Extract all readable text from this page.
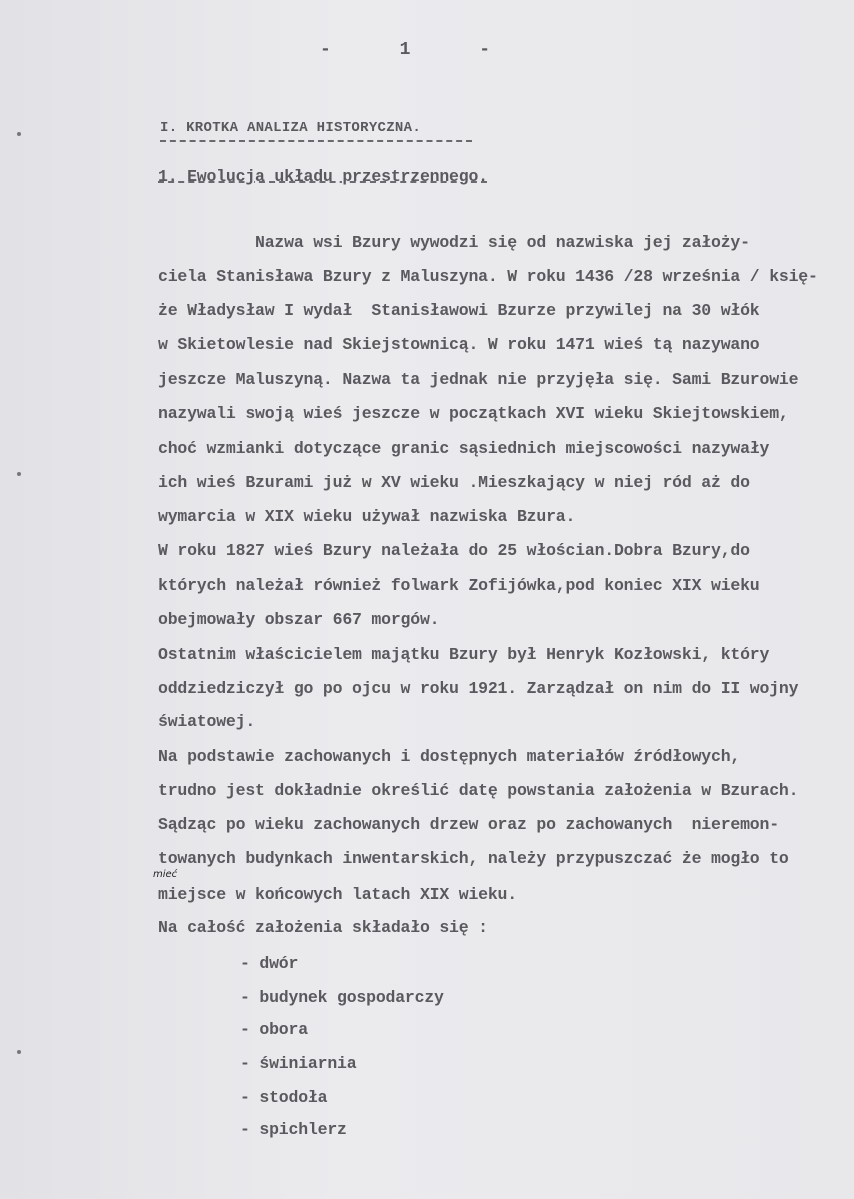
-	1	-
I. KROTKA ANALIZA HISTORYCZNA.
1. Ewolucja układu przestrzennego.
Nazwa wsi Bzury wywodzi się od nazwiska jej założy-
ciela Stanisława Bzury z Maluszyna. W roku 1436 /28 września / księ-
że Władysław I wydał  Stanisławowi Bzurze przywilej na 30 włók
w Skietowlesie nad Skiejstownicą. W roku 1471 wieś tą nazywano
jeszcze Maluszyną. Nazwa ta jednak nie przyjęła się. Sami Bzurowie
nazywali swoją wieś jeszcze w początkach XVI wieku Skiejtowskiem,
choć wzmianki dotyczące granic sąsiednich miejscowości nazywały
ich wieś Bzurami już w XV wieku .Mieszkający w niej ród aż do
wymarcia w XIX wieku używał nazwiska Bzura.
W roku 1827 wieś Bzury należała do 25 włościan.Dobra Bzury,do
których należał również folwark Zofijówka,pod koniec XIX wieku
obejmowały obszar 667 morgów.
Ostatnim właścicielem majątku Bzury był Henryk Kozłowski, który
oddziedziczył go po ojcu w roku 1921. Zarządzał on nim do II wojny
światowej.
Na podstawie zachowanych i dostępnych materiałów źródłowych,
trudno jest dokładnie określić datę powstania założenia w Bzurach.
Sądząc po wieku zachowanych drzew oraz po zachowanych  nieremon-
towanych budynkach inwentarskich, należy przypuszczać że mogło to
miejsce w końcowych latach XIX wieku.
Na całość założenia składało się :
mieć
- dwór
- budynek gospodarczy
- obora
- świniarnia
- stodoła
- spichlerz
